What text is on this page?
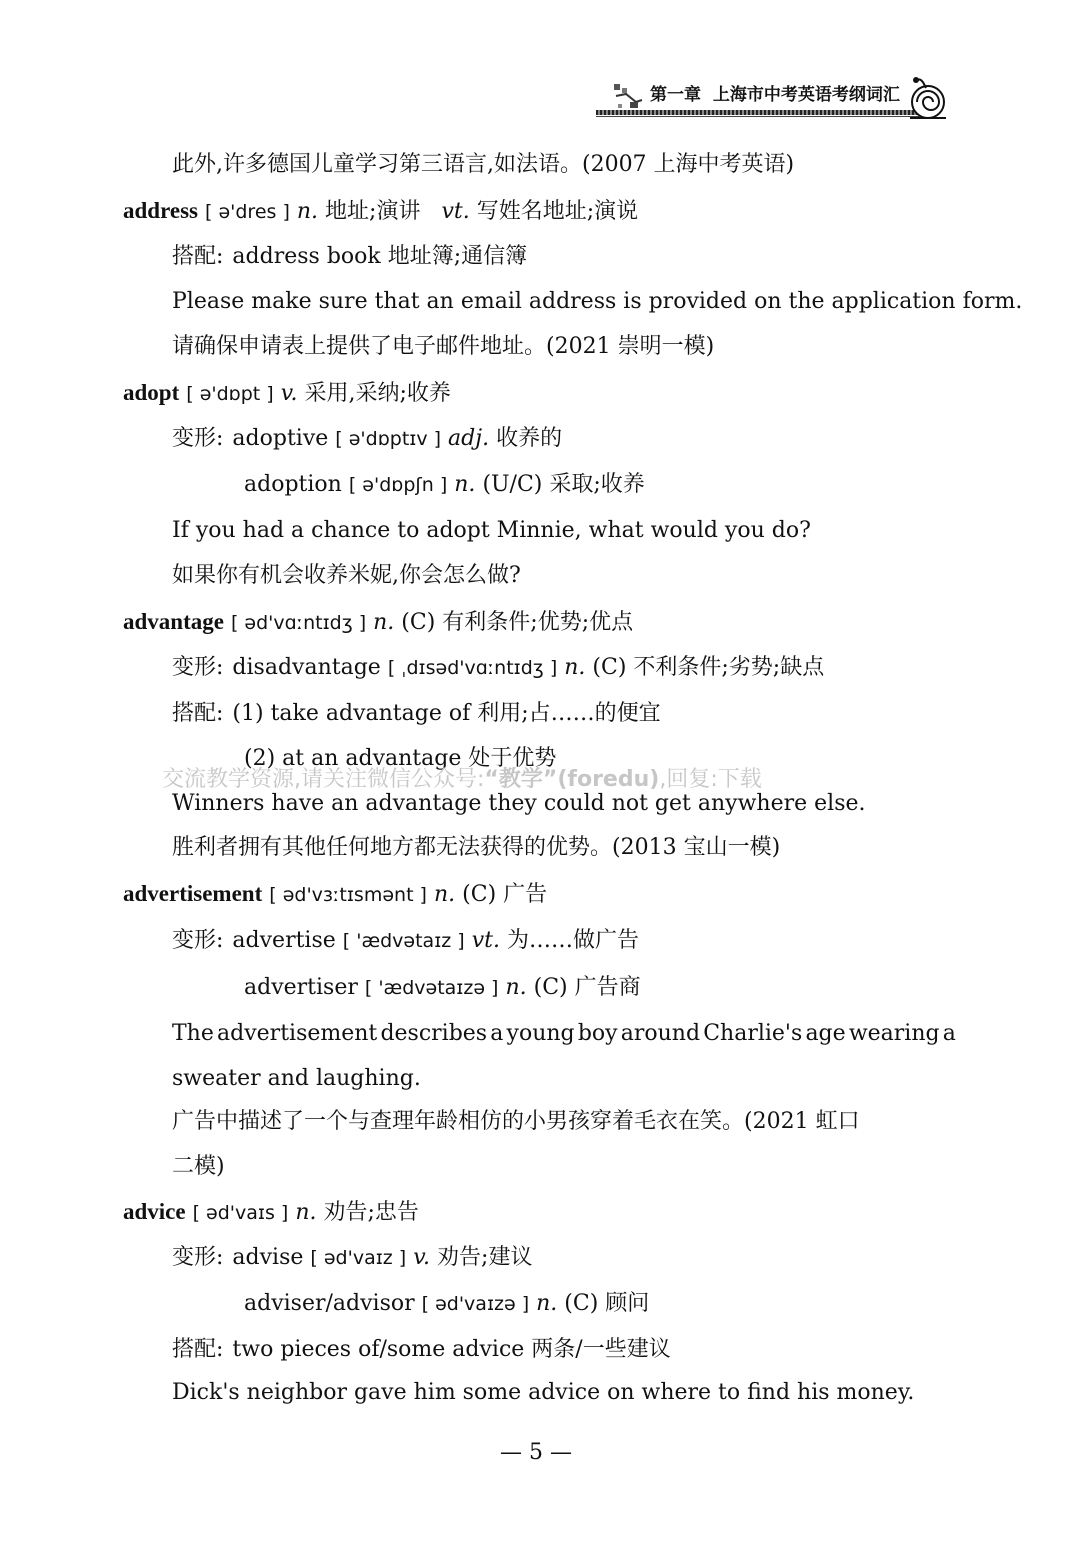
第一章 上海市中考英语考纲词汇
此外,许多德国儿童学习第三语言,如法语。(2007 上海中考英语)
address [ ə'dres ] n. 地址;演讲 vt. 写姓名地址;演说
搭配: address book 地址簿;通信簿
Please make sure that an email address is provided on the application form.
请确保申请表上提供了电子邮件地址。(2021 崇明一模)
adopt [ ə'dɒpt ] v. 采用,采纳;收养
变形: adoptive [ ə'dɒptɪv ] adj. 收养的
adoption [ ə'dɒpʃn ] n. (U/C) 采取;收养
If you had a chance to adopt Minnie, what would you do?
如果你有机会收养米妮,你会怎么做?
advantage [ əd'vɑːntɪdʒ ] n. (C) 有利条件;优势;优点
变形: disadvantage [ ˌdɪsəd'vɑːntɪdʒ ] n. (C) 不利条件;劣势;缺点
搭配: (1) take advantage of 利用;占……的便宜
(2) at an advantage 处于优势
交流教学资源,请关注微信公众号:“教学”(foredu),回复:下载
Winners have an advantage they could not get anywhere else.
胜利者拥有其他任何地方都无法获得的优势。(2013 宝山一模)
advertisement [ əd'vɜːtɪsmənt ] n. (C) 广告
变形: advertise [ 'ædvətaɪz ] vt. 为……做广告
advertiser [ 'ædvətaɪzə ] n. (C) 广告商
The advertisement describes a young boy around Charlie's age wearing a
sweater and laughing.
广告中描述了一个与查理年龄相仿的小男孩穿着毛衣在笑。(2021 虹口
二模)
advice [ əd'vaɪs ] n. 劝告;忠告
变形: advise [ əd'vaɪz ] v. 劝告;建议
adviser/advisor [ əd'vaɪzə ] n. (C) 顾问
搭配: two pieces of/some advice 两条/一些建议
Dick's neighbor gave him some advice on where to find his money.
— 5 —
